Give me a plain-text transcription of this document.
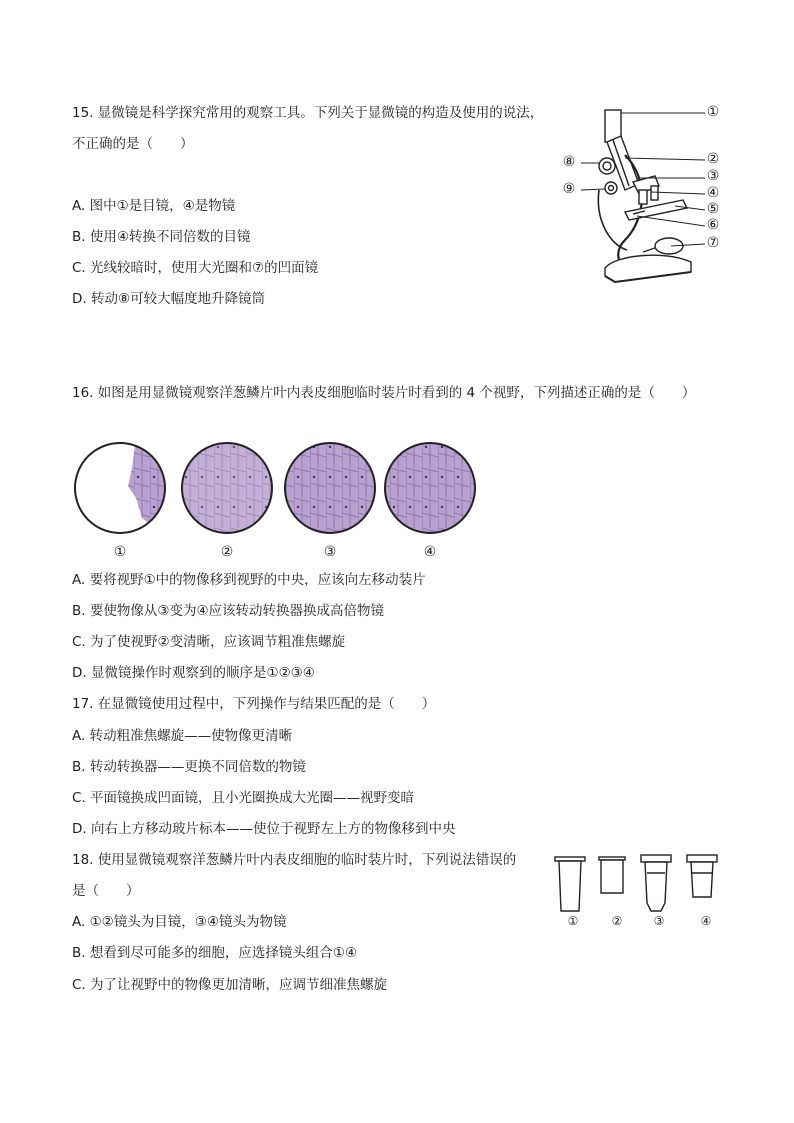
15. 显微镜是科学探究常用的观察工具。下列关于显微镜的构造及使用的说法，
不正确的是（　　）
A. 图中①是目镜，④是物镜
B. 使用④转换不同倍数的目镜
C. 光线较暗时，使用大光圈和⑦的凹面镜
D. 转动⑧可较大幅度地升降镜筒
①
②
③
④
⑤
⑥
⑦
⑧
⑨
16. 如图是用显微镜观察洋葱鳞片叶内表皮细胞临时装片时看到的 4 个视野，下列描述正确的是（　　）
①	②	③	④
A. 要将视野①中的物像移到视野的中央，应该向左移动装片
B. 要使物像从③变为④应该转动转换器换成高倍物镜
C. 为了使视野②变清晰，应该调节粗准焦螺旋
D. 显微镜操作时观察到的顺序是①②③④
17. 在显微镜使用过程中，下列操作与结果匹配的是（　　）
A. 转动粗准焦螺旋——使物像更清晰
B. 转动转换器——更换不同倍数的物镜
C. 平面镜换成凹面镜，且小光圈换成大光圈——视野变暗
D. 向右上方移动玻片标本——使位于视野左上方的物像移到中央
18. 使用显微镜观察洋葱鳞片叶内表皮细胞的临时装片时，下列说法错误的
是（　　）
①	②	③	④
A. ①②镜头为目镜，③④镜头为物镜
B. 想看到尽可能多的细胞，应选择镜头组合①④
C. 为了让视野中的物像更加清晰，应调节细准焦螺旋
